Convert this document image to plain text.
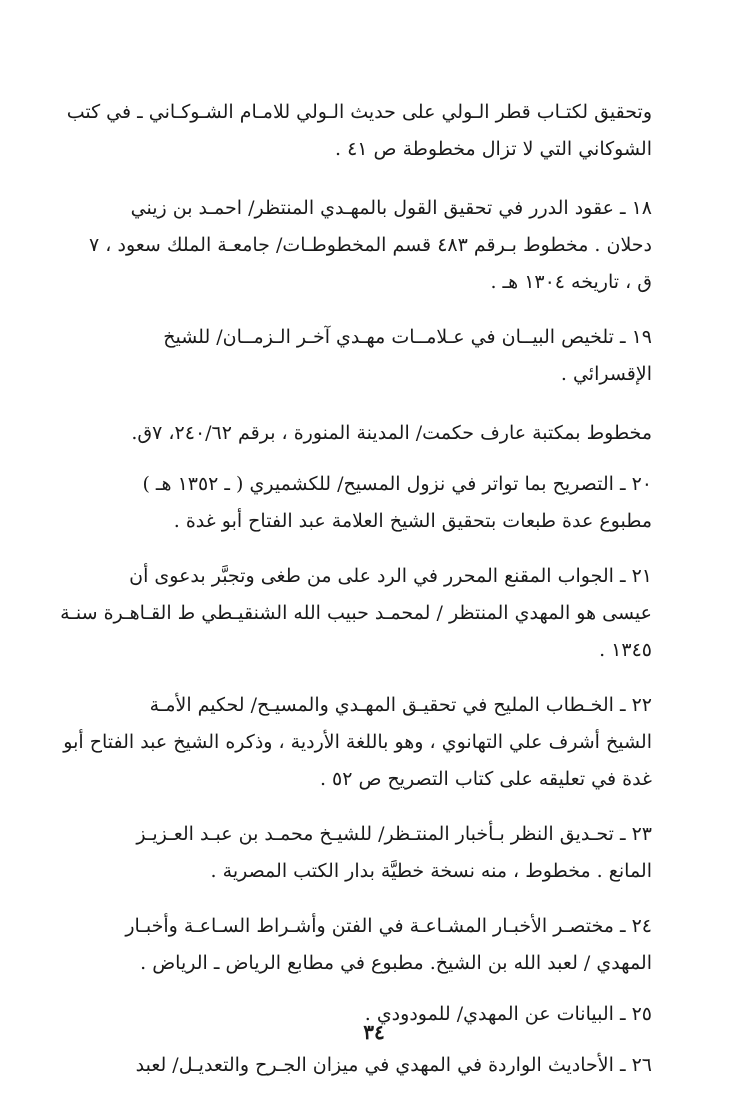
وتحقيق لكتـاب قطر الـولي على حديث الـولي للامـام الشـوكـاني ـ في كتب
الشوكاني التي لا تزال مخطوطة ص ٤١ .

١٨ ـ عقود الدرر في تحقيق القول بالمهـدي المنتظر/ احمـد بن زيني
دحلان . مخطوط بـرقم ٤٨٣ قسم المخطوطـات/ جامعـة الملك سعود ، ٧
ق ، تاريخه ١٣٠٤ هـ .

١٩ ـ تلخيص البيــان في عـلامــات مهـدي آخـر الـزمــان/ للشيخ
الإقسرائي .

مخطوط بمكتبة عارف حكمت/ المدينة المنورة ، برقم ٢٤٠/٦٢، ٧ق.

٢٠ ـ التصريح بما تواتر في نزول المسيح/ للكشميري ( ـ ١٣٥٢ هـ )
مطبوع عدة طبعات بتحقيق الشيخ العلامة عبد الفتاح أبو غدة .

٢١ ـ الجواب المقنع المحرر في الرد على من طغى وتجبَّر بدعوى أن
عيسى هو المهدي المنتظر / لمحمـد حبيب الله الشنقيـطي ط القـاهـرة سنـة
١٣٤٥ .

٢٢ ـ الخـطاب المليح في تحقيـق المهـدي والمسيـح/ لحكيم الأمـة
الشيخ أشرف علي التهانوي ، وهو باللغة الأردية ، وذكره الشيخ عبد الفتاح أبو
غدة في تعليقه على كتاب التصريح ص ٥٢ .

٢٣ ـ تحـديق النظر بـأخبار المنتـظر/ للشيـخ محمـد بن عبـد العـزيـز
المانع . مخطوط ، منه نسخة خطيَّة بدار الكتب المصرية .

٢٤ ـ مختصـر الأخبـار المشـاعـة في الفتن وأشـراط السـاعـة وأخبـار
المهدي / لعبد الله بن الشيخ. مطبوع في مطابع الرياض ـ الرياض .

٢٥ ـ البيانات عن المهدي/ للمودودي .

٢٦ ـ الأحاديث الواردة في المهدي في ميزان الجـرح والتعديـل/ لعبد

٣٤
